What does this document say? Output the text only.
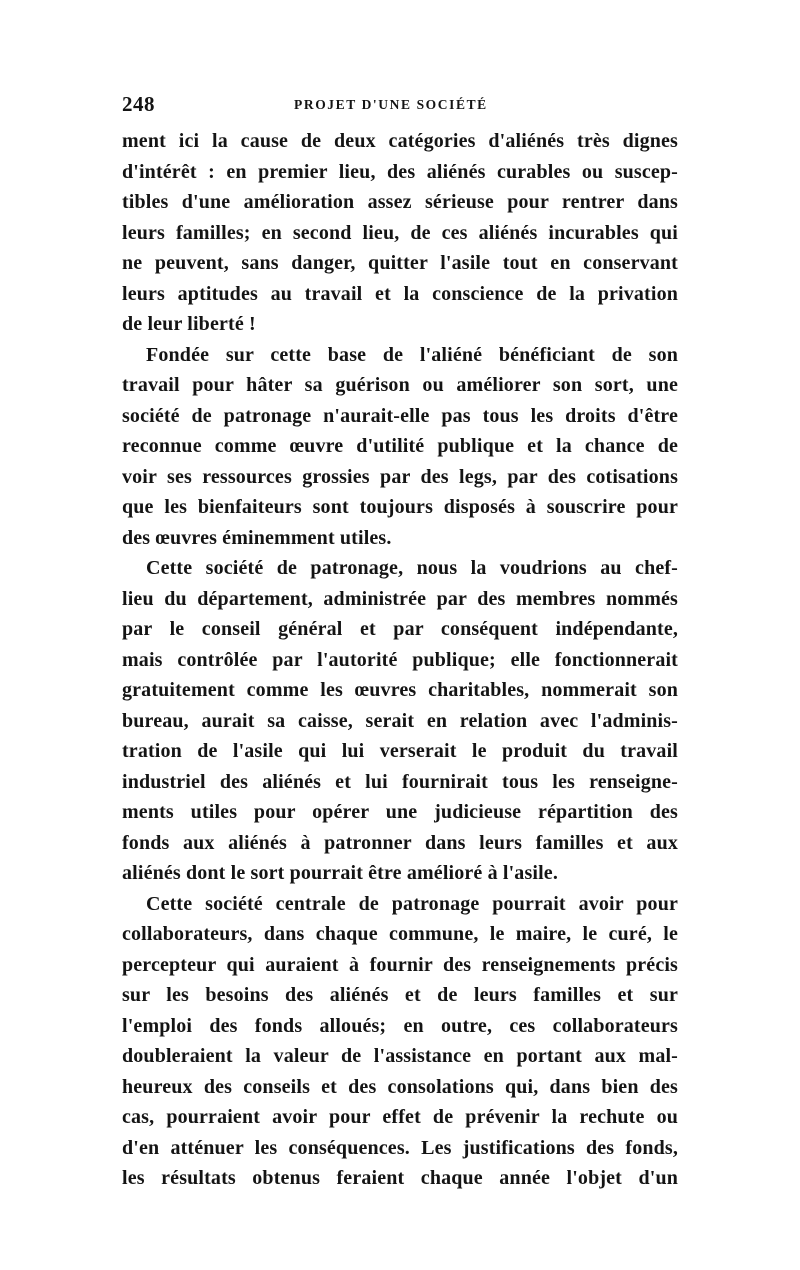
248	PROJET D'UNE SOCIÉTÉ
ment ici la cause de deux catégories d'aliénés très dignes
d'intérêt : en premier lieu, des aliénés curables ou suscep-
tibles d'une amélioration assez sérieuse pour rentrer dans
leurs familles; en second lieu, de ces aliénés incurables qui
ne peuvent, sans danger, quitter l'asile tout en conservant
leurs aptitudes au travail et la conscience de la privation
de leur liberté !
Fondée sur cette base de l'aliéné bénéficiant de son
travail pour hâter sa guérison ou améliorer son sort, une
société de patronage n'aurait-elle pas tous les droits d'être
reconnue comme œuvre d'utilité publique et la chance de
voir ses ressources grossies par des legs, par des cotisations
que les bienfaiteurs sont toujours disposés à souscrire pour
des œuvres éminemment utiles.
Cette société de patronage, nous la voudrions au chef-
lieu du département, administrée par des membres nommés
par le conseil général et par conséquent indépendante,
mais contrôlée par l'autorité publique; elle fonctionnerait
gratuitement comme les œuvres charitables, nommerait son
bureau, aurait sa caisse, serait en relation avec l'adminis-
tration de l'asile qui lui verserait le produit du travail
industriel des aliénés et lui fournirait tous les renseigne-
ments utiles pour opérer une judicieuse répartition des
fonds aux aliénés à patronner dans leurs familles et aux
aliénés dont le sort pourrait être amélioré à l'asile.
Cette société centrale de patronage pourrait avoir pour
collaborateurs, dans chaque commune, le maire, le curé, le
percepteur qui auraient à fournir des renseignements précis
sur les besoins des aliénés et de leurs familles et sur
l'emploi des fonds alloués; en outre, ces collaborateurs
doubleraient la valeur de l'assistance en portant aux mal-
heureux des conseils et des consolations qui, dans bien des
cas, pourraient avoir pour effet de prévenir la rechute ou
d'en atténuer les conséquences. Les justifications des fonds,
les résultats obtenus feraient chaque année l'objet d'un
